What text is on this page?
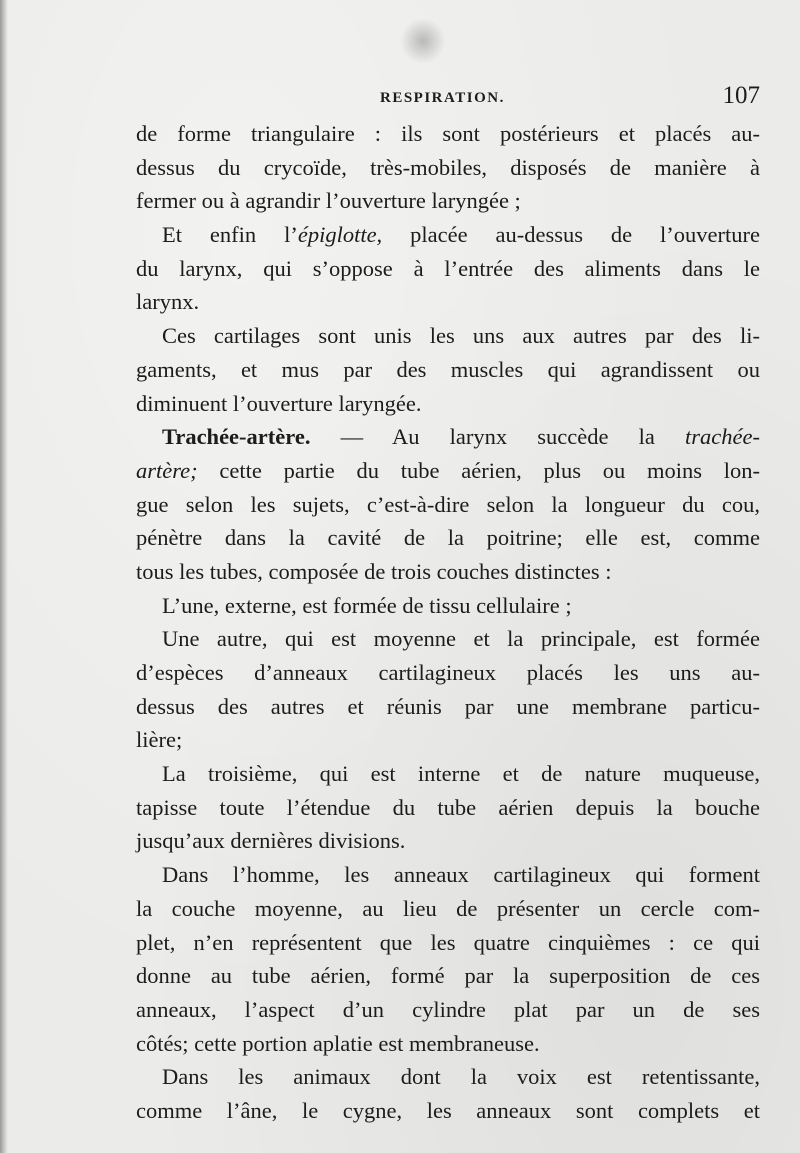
RESPIRATION.	107
de forme triangulaire : ils sont postérieurs et placés au-
dessus du crycoïde, très-mobiles, disposés de manière à
fermer ou à agrandir l’ouverture laryngée ;
Et enfin l’épiglotte, placée au-dessus de l’ouverture
du larynx, qui s’oppose à l’entrée des aliments dans le
larynx.
Ces cartilages sont unis les uns aux autres par des li-
gaments, et mus par des muscles qui agrandissent ou
diminuent l’ouverture laryngée.
Trachée-artère. — Au larynx succède la trachée-
artère; cette partie du tube aérien, plus ou moins lon-
gue selon les sujets, c’est-à-dire selon la longueur du cou,
pénètre dans la cavité de la poitrine; elle est, comme
tous les tubes, composée de trois couches distinctes :
L’une, externe, est formée de tissu cellulaire ;
Une autre, qui est moyenne et la principale, est formée
d’espèces d’anneaux cartilagineux placés les uns au-
dessus des autres et réunis par une membrane particu-
lière;
La troisième, qui est interne et de nature muqueuse,
tapisse toute l’étendue du tube aérien depuis la bouche
jusqu’aux dernières divisions.
Dans l’homme, les anneaux cartilagineux qui forment
la couche moyenne, au lieu de présenter un cercle com-
plet, n’en représentent que les quatre cinquièmes : ce qui
donne au tube aérien, formé par la superposition de ces
anneaux, l’aspect d’un cylindre plat par un de ses
côtés; cette portion aplatie est membraneuse.
Dans les animaux dont la voix est retentissante,
comme l’âne, le cygne, les anneaux sont complets et
